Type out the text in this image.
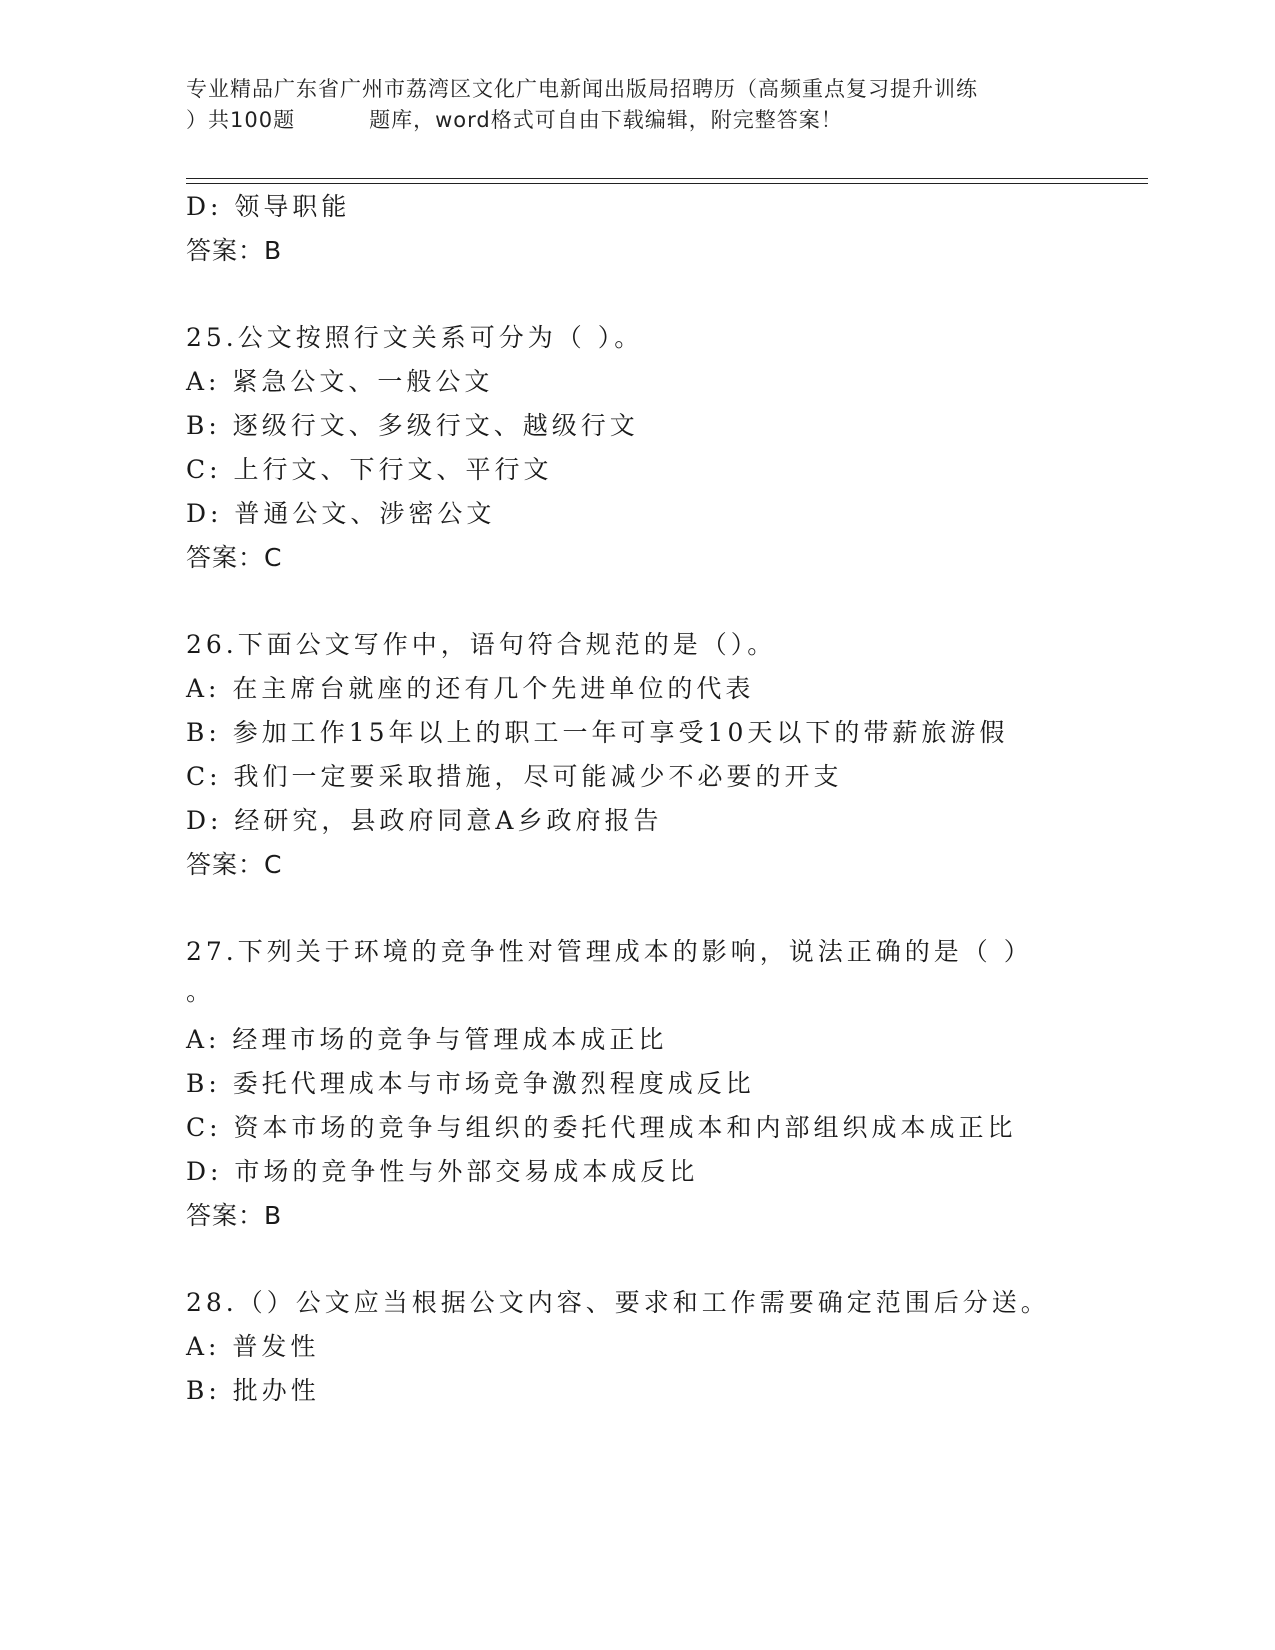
专业精品广东省广州市荔湾区文化广电新闻出版局招聘历（高频重点复习提升训练
）共100题	题库，word格式可自由下载编辑，附完整答案！
D: 领导职能
答案：B
25.公文按照行文关系可分为（ ）。
A: 紧急公文、一般公文
B: 逐级行文、多级行文、越级行文
C: 上行文、下行文、平行文
D: 普通公文、涉密公文
答案：C
26.下面公文写作中，语句符合规范的是（）。
A: 在主席台就座的还有几个先进单位的代表
B: 参加工作15年以上的职工一年可享受10天以下的带薪旅游假
C: 我们一定要采取措施，尽可能减少不必要的开支
D: 经研究，县政府同意A乡政府报告
答案：C
27.下列关于环境的竞争性对管理成本的影响，说法正确的是（ ）
。
A: 经理市场的竞争与管理成本成正比
B: 委托代理成本与市场竞争激烈程度成反比
C: 资本市场的竞争与组织的委托代理成本和内部组织成本成正比
D: 市场的竞争性与外部交易成本成反比
答案：B
28.（）公文应当根据公文内容、要求和工作需要确定范围后分送。
A: 普发性
B: 批办性
